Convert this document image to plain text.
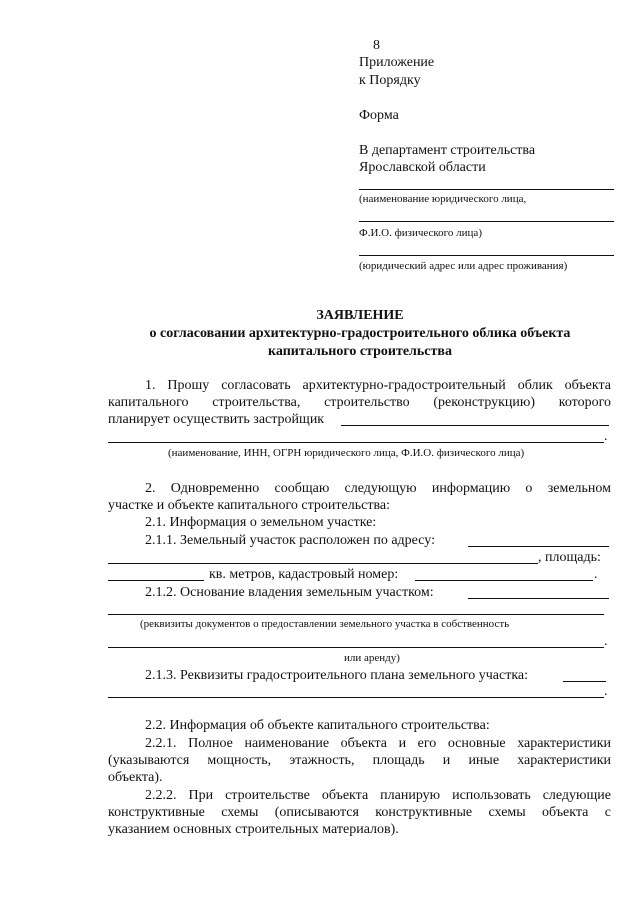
8
Приложение
к Порядку
Форма
В департамент строительства
Ярославской области
(наименование юридического лица,
Ф.И.О. физического лица)
(юридический адрес или адрес проживания)
ЗАЯВЛЕНИЕ
о согласовании архитектурно-градостроительного облика объекта
капитального строительства
1. Прошу согласовать архитектурно-градостроительный облик объекта
капитального строительства, строительство (реконструкцию) которого
планирует осуществить застройщик
.
(наименование, ИНН, ОГРН юридического лица, Ф.И.О. физического лица)
2. Одновременно сообщаю следующую информацию о земельном
участке и объекте капитального строительства:
2.1. Информация о земельном участке:
2.1.1. Земельный участок расположен по адресу:
, площадь:
кв. метров, кадастровый номер:	.
2.1.2. Основание владения земельным участком:
(реквизиты документов о предоставлении земельного участка в собственность
.
или аренду)
2.1.3. Реквизиты градостроительного плана земельного участка:
.
2.2. Информация об объекте капитального строительства:
2.2.1. Полное наименование объекта и его основные характеристики
(указываются мощность, этажность, площадь и иные характеристики
объекта).
2.2.2. При строительстве объекта планирую использовать следующие
конструктивные схемы (описываются конструктивные схемы объекта с
указанием основных строительных материалов).
